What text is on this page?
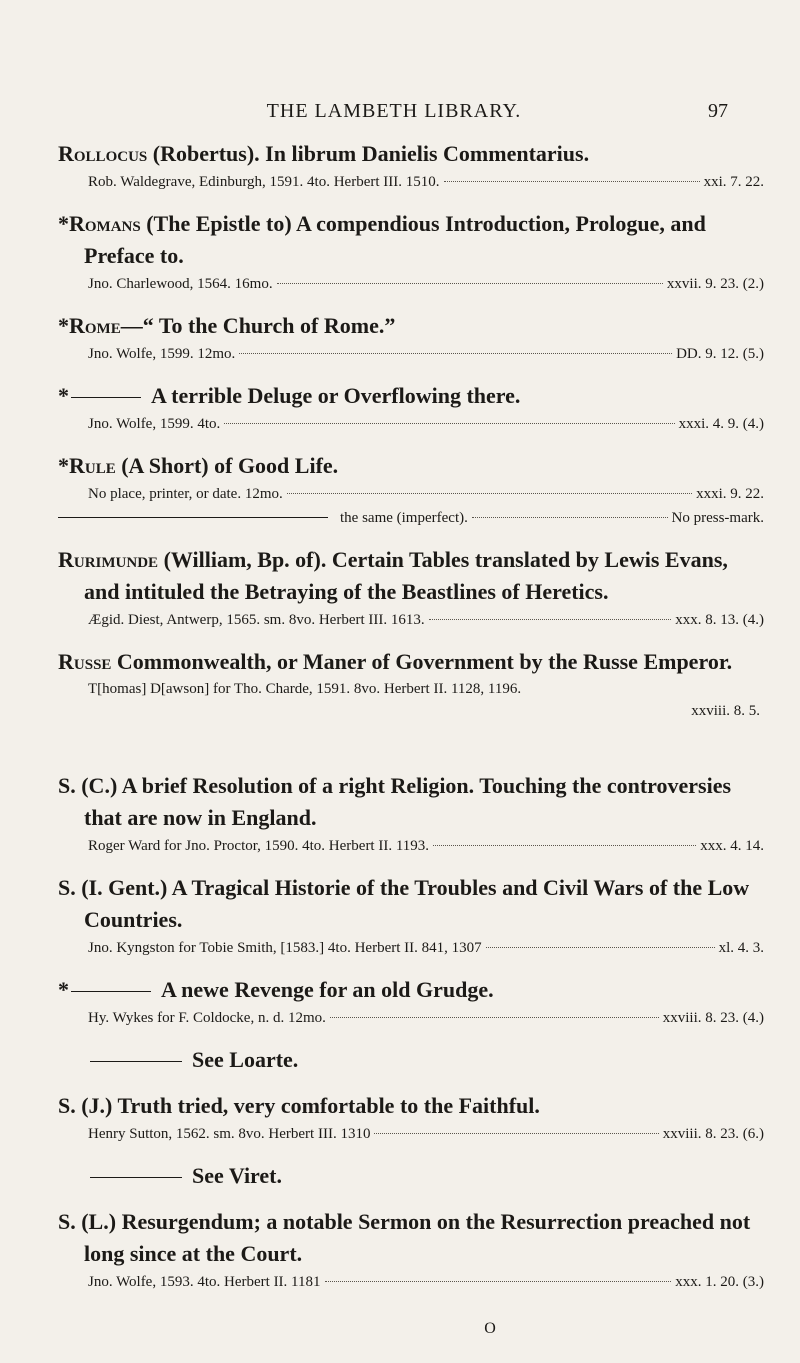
THE LAMBETH LIBRARY.	97
Rollocus (Robertus). In librum Danielis Commentarius.
Rob. Waldegrave, Edinburgh, 1591. 4to. Herbert III. 1510.	xxi. 7. 22.
*Romans (The Epistle to) A compendious Introduction, Prologue, and Preface to.
Jno. Charlewood, 1564. 16mo.	xxvii. 9. 23. (2.)
*Rome—“ To the Church of Rome.”
Jno. Wolfe, 1599. 12mo.	DD. 9. 12. (5.)
*	A terrible Deluge or Overflowing there.
Jno. Wolfe, 1599. 4to.	xxxi. 4. 9. (4.)
*Rule (A Short) of Good Life.
No place, printer, or date. 12mo.	xxxi. 9. 22.
the same (imperfect).	No press-mark.
Rurimunde (William, Bp. of). Certain Tables translated by Lewis Evans, and intituled the Betraying of the Beastlines of Heretics.
Ægid. Diest, Antwerp, 1565. sm. 8vo. Herbert III. 1613.	xxx. 8. 13. (4.)
Russe Commonwealth, or Maner of Government by the Russe Emperor.
T[homas] D[awson] for Tho. Charde, 1591. 8vo. Herbert II. 1128, 1196.
xxviii. 8. 5.
S. (C.) A brief Resolution of a right Religion. Touching the controversies that are now in England.
Roger Ward for Jno. Proctor, 1590. 4to. Herbert II. 1193.	xxx. 4. 14.
S. (I. Gent.) A Tragical Historie of the Troubles and Civil Wars of the Low Countries.
Jno. Kyngston for Tobie Smith, [1583.] 4to. Herbert II. 841, 1307	xl. 4. 3.
*	A newe Revenge for an old Grudge.
Hy. Wykes for F. Coldocke, n. d. 12mo.	xxviii. 8. 23. (4.)
See Loarte.
S. (J.) Truth tried, very comfortable to the Faithful.
Henry Sutton, 1562. sm. 8vo. Herbert III. 1310	xxviii. 8. 23. (6.)
See Viret.
S. (L.) Resurgendum; a notable Sermon on the Resurrection preached not long since at the Court.
Jno. Wolfe, 1593. 4to. Herbert II. 1181	xxx. 1. 20. (3.)
O
